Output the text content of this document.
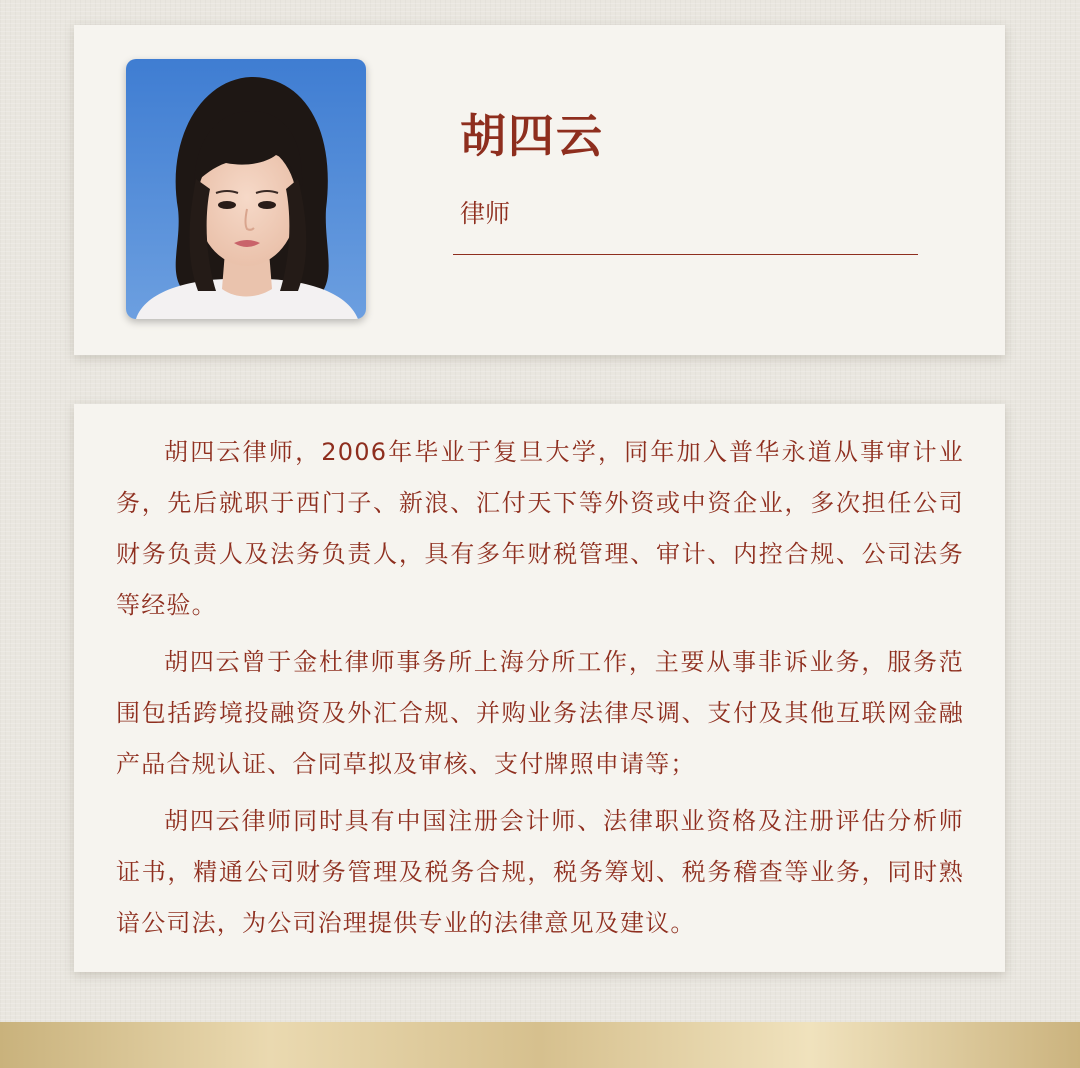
胡四云
律师

胡四云律师，2006年毕业于复旦大学，同年加入普华永道从事审计业务，先后就职于西门子、新浪、汇付天下等外资或中资企业，多次担任公司财务负责人及法务负责人，具有多年财税管理、审计、内控合规、公司法务等经验。

胡四云曾于金杜律师事务所上海分所工作，主要从事非诉业务，服务范围包括跨境投融资及外汇合规、并购业务法律尽调、支付及其他互联网金融产品合规认证、合同草拟及审核、支付牌照申请等；

胡四云律师同时具有中国注册会计师、法律职业资格及注册评估分析师证书，精通公司财务管理及税务合规，税务筹划、税务稽查等业务，同时熟谙公司法，为公司治理提供专业的法律意见及建议。
